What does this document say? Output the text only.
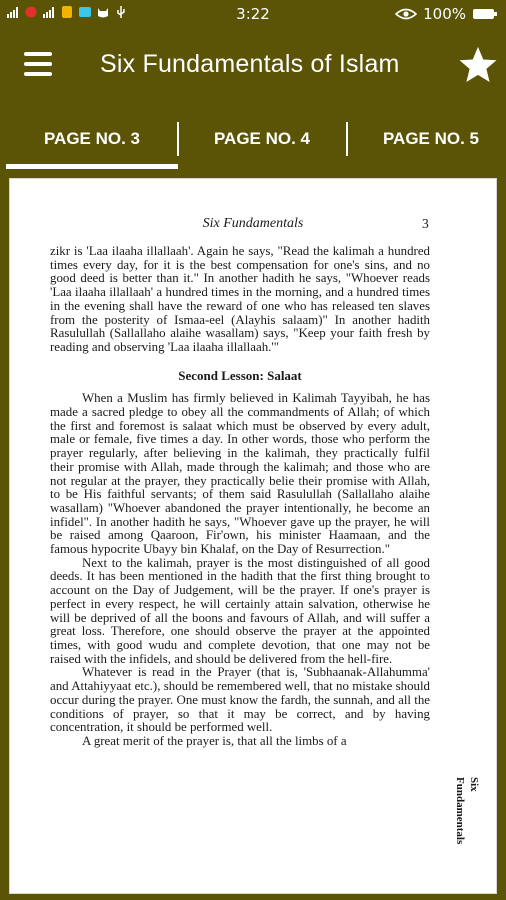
3:22	100%
Six Fundamentals of Islam
PAGE NO. 3	PAGE NO. 4	PAGE NO. 5
Six Fundamentals	3

zikr is 'Laa ilaaha illallaah'. Again he says, "Read the kalimah a hundred times every day, for it is the best compensation for one's sins, and no good deed is better than it." In another hadith he says, "Whoever reads 'Laa ilaaha illallaah' a hundred times in the morning, and a hundred times in the evening shall have the reward of one who has released ten slaves from the posterity of Ismaa-eel (Alayhis salaam)" In another hadith Rasulullah (Sallallaho alaihe wasallam) says, "Keep your faith fresh by reading and observing 'Laa ilaaha illallaah.'"

Second Lesson: Salaat

When a Muslim has firmly believed in Kalimah Tayyibah, he has made a sacred pledge to obey all the commandments of Allah; of which the first and foremost is salaat which must be observed by every adult, male or female, five times a day. In other words, those who perform the prayer regularly, after believing in the kalimah, they practically fulfil their promise with Allah, made through the kalimah; and those who are not regular at the prayer, they practically belie their promise with Allah, to be His faithful servants; of them said Rasulullah (Sallallaho alaihe wasallam) "Whoever abandoned the prayer intentionally, he become an infidel". In another hadith he says, "Whoever gave up the prayer, he will be raised among Qaaroon, Fir'own, his minister Haamaan, and the famous hypocrite Ubayy bin Khalaf, on the Day of Resurrection."

Next to the kalimah, prayer is the most distinguished of all good deeds. It has been mentioned in the hadith that the first thing brought to account on the Day of Judgement, will be the prayer. If one's prayer is perfect in every respect, he will certainly attain salvation, otherwise he will be deprived of all the boons and favours of Allah, and will suffer a great loss. Therefore, one should observe the prayer at the appointed times, with good wudu and complete devotion, that one may not be raised with the infidels, and should be delivered from the hell-fire.

Whatever is read in the Prayer (that is, 'Subhaanak-Allahumma' and Attahiyyaat etc.), should be remembered well, that no mistake should occur during the prayer. One must know the fardh, the sunnah, and all the conditions of prayer, so that it may be correct, and by having concentration, it should be performed well.

A great merit of the prayer is, that all the limbs of a

Six
Fundamentals
